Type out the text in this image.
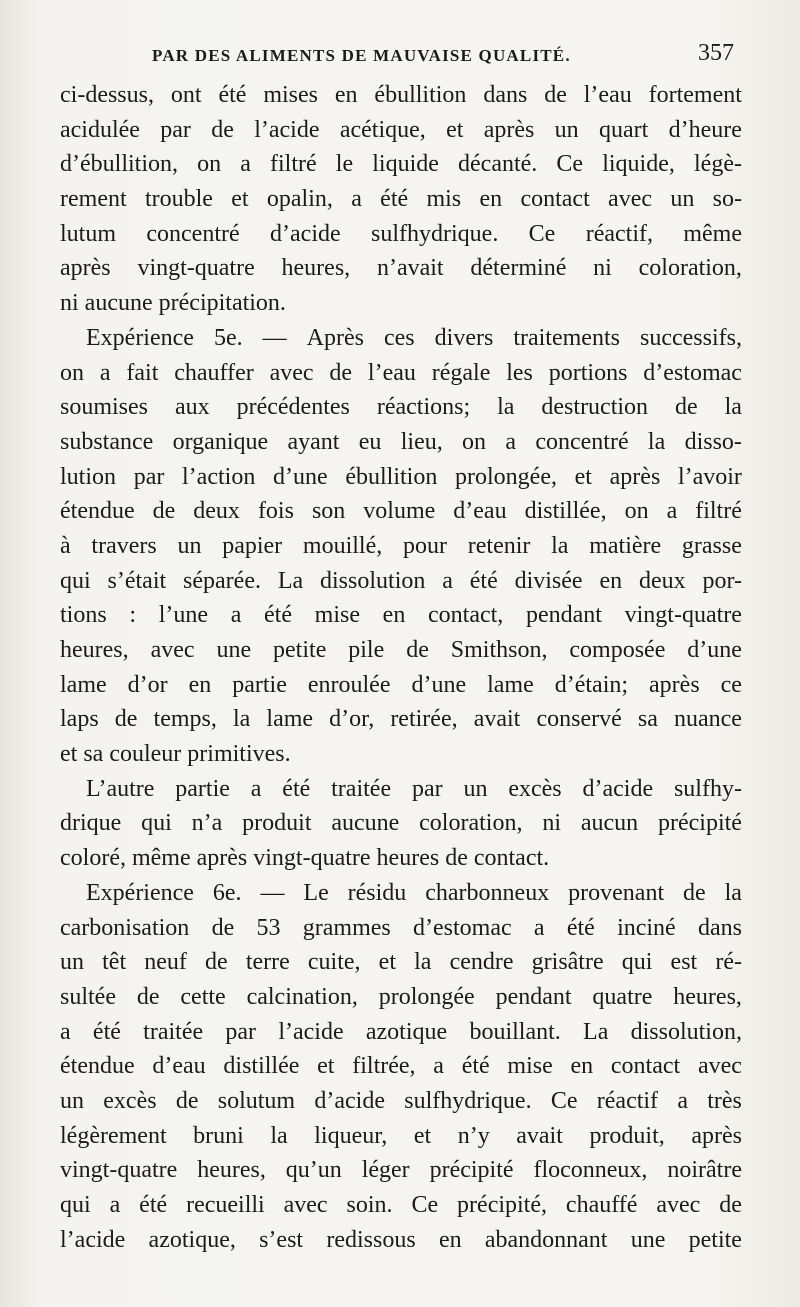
PAR DES ALIMENTS DE MAUVAISE QUALITÉ.	357
ci-dessus, ont été mises en ébullition dans de l’eau fortement
acidulée par de l’acide acétique, et après un quart d’heure
d’ébullition, on a filtré le liquide décanté. Ce liquide, légè-
rement trouble et opalin, a été mis en contact avec un so-
lutum concentré d’acide sulfhydrique. Ce réactif, même
après vingt-quatre heures, n’avait déterminé ni coloration,
ni aucune précipitation.
Expérience 5e. — Après ces divers traitements successifs,
on a fait chauffer avec de l’eau régale les portions d’estomac
soumises aux précédentes réactions; la destruction de la
substance organique ayant eu lieu, on a concentré la disso-
lution par l’action d’une ébullition prolongée, et après l’avoir
étendue de deux fois son volume d’eau distillée, on a filtré
à travers un papier mouillé, pour retenir la matière grasse
qui s’était séparée. La dissolution a été divisée en deux por-
tions : l’une a été mise en contact, pendant vingt-quatre
heures, avec une petite pile de Smithson, composée d’une
lame d’or en partie enroulée d’une lame d’étain; après ce
laps de temps, la lame d’or, retirée, avait conservé sa nuance
et sa couleur primitives.
L’autre partie a été traitée par un excès d’acide sulfhy-
drique qui n’a produit aucune coloration, ni aucun précipité
coloré, même après vingt-quatre heures de contact.
Expérience 6e. — Le résidu charbonneux provenant de la
carbonisation de 53 grammes d’estomac a été inciné dans
un têt neuf de terre cuite, et la cendre grisâtre qui est ré-
sultée de cette calcination, prolongée pendant quatre heures,
a été traitée par l’acide azotique bouillant. La dissolution,
étendue d’eau distillée et filtrée, a été mise en contact avec
un excès de solutum d’acide sulfhydrique. Ce réactif a très
légèrement bruni la liqueur, et n’y avait produit, après
vingt-quatre heures, qu’un léger précipité floconneux, noirâtre
qui a été recueilli avec soin. Ce précipité, chauffé avec de
l’acide azotique, s’est redissous en abandonnant une petite
